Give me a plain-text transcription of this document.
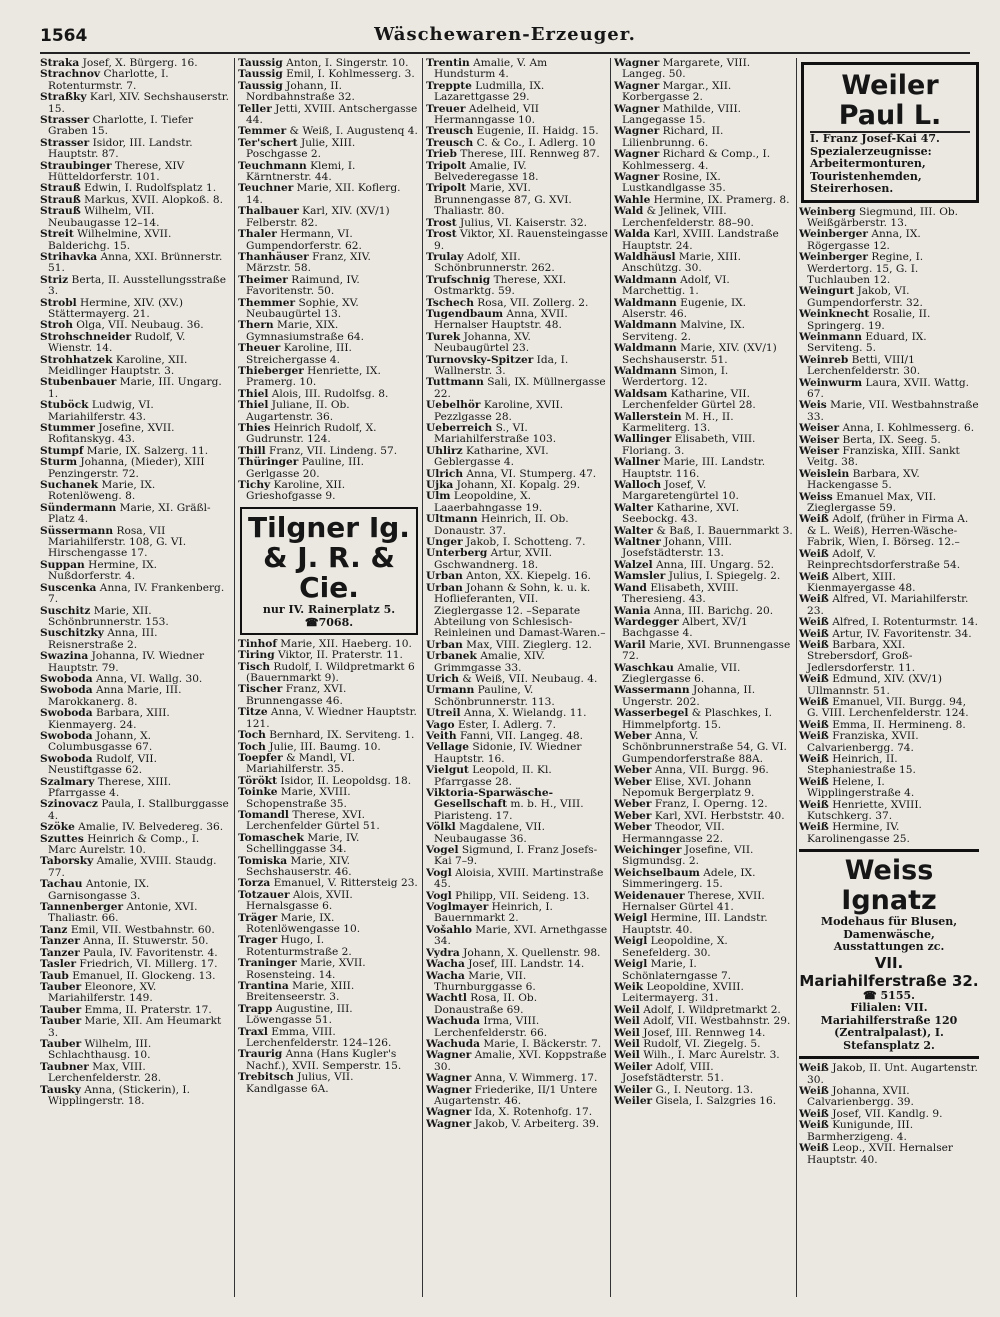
1564	Wäschewaren-Erzeuger.

Straka Josef, X. Bürgerg. 16.

Strachnov Charlotte, I. Rotenturmstr. 7.

Straßky Karl, XIV. Sechshauserstr. 15.

Strasser Charlotte, I. Tiefer Graben 15.

Strasser Isidor, III. Landstr. Hauptstr. 87.

Straubinger Therese, XIV Hütteldorferstr. 101.

Strauß Edwin, I. Rudolfsplatz 1.

Strauß Markus, XVII. Alopkoß. 8.

Strauß Wilhelm, VII. Neubaugasse 12–14.

Streit Wilhelmine, XVII. Balderichg. 15.

Strihavka Anna, XXI. Brünnerstr. 51.

Striz Berta, II. Ausstellungsstraße 3.

Strobl Hermine, XIV. (XV.) Stättermayerg. 21.

Stroh Olga, VII. Neubaug. 36.

Strohschneider Rudolf, V. Wienstr. 14.

Strohhatzek Karoline, XII. Meidlinger Hauptstr. 3.

Stubenbauer Marie, III. Ungarg. 1.

Stuböck Ludwig, VI. Mariahilferstr. 43.

Stummer Josefine, XVII. Rofitanskyg. 43.

Stumpf Marie, IX. Salzerg. 11.

Sturm Johanna, (Mieder), XIII Penzingerstr. 72.

Suchanek Marie, IX. Rotenlöweng. 8.

Sündermann Marie, XI. Gräßl-Platz 4.

Süssermann Rosa, VII Mariahilferstr. 108, G. VI. Hirschengasse 17.

Suppan Hermine, IX. Nußdorferstr. 4.

Suscenka Anna, IV. Frankenberg. 7.

Suschitz Marie, XII. Schönbrunnerstr. 153.

Suschitzky Anna, III. Reisnerstraße 2.

Swazina Johanna, IV. Wiedner Hauptstr. 79.

Swoboda Anna, VI. Wallg. 30.

Swoboda Anna Marie, III. Marokkanerg. 8.

Swoboda Barbara, XIII. Kienmayerg. 24.

Swoboda Johann, X. Columbusgasse 67.

Swoboda Rudolf, VII. Neustiftgasse 62.

Szalmary Therese, XIII. Pfarrgasse 4.

Szinovacz Paula, I. Stallburggasse 4.

Szöke Amalie, IV. Belvedereg. 36.

Szuttes Heinrich & Comp., I. Marc Aurelstr. 10.

Taborsky Amalie, XVIII. Staudg. 77.

Tachau Antonie, IX. Garnisongasse 3.

Tannenberger Antonie, XVI. Thaliastr. 66.

Tanz Emil, VII. Westbahnstr. 60.

Tanzer Anna, II. Stuwerstr. 50.

Tanzer Paula, IV. Favoritenstr. 4.

Tasler Friedrich, VI. Millerg. 17.

Taub Emanuel, II. Glockeng. 13.

Tauber Eleonore, XV. Mariahilferstr. 149.

Tauber Emma, II. Praterstr. 17.

Tauber Marie, XII. Am Heumarkt 3.

Tauber Wilhelm, III. Schlachthausg. 10.

Taubner Max, VIII. Lerchenfelderstr. 28.

Tausky Anna, (Stickerin), I. Wipplingerstr. 18.

Taussig Anton, I. Singerstr. 10.

Taussig Emil, I. Kohlmesserg. 3.

Taussig Johann, II. Nordbahnstraße 32.

Teller Jetti, XVIII. Antschergasse 44.

Temmer & Weiß, I. Augustenq 4.

Ter'schert Julie, XIII. Poschgasse 2.

Teuchmann Klemi, I. Kärntnerstr. 44.

Teuchner Marie, XII. Koflerg. 14.

Thalbauer Karl, XIV. (XV/1) Felberstr. 82.

Thaler Hermann, VI. Gumpendorferstr. 62.

Thanhäuser Franz, XIV. Märzstr. 58.

Theimer Raimund, IV. Favoritenstr. 50.

Themmer Sophie, XV. Neubaugürtel 13.

Thern Marie, XIX. Gymnasiumstraße 64.

Theuer Karoline, III. Streichergasse 4.

Thieberger Henriette, IX. Pramerg. 10.

Thiel Alois, III. Rudolfsg. 8.

Thiel Juliane, II. Ob. Augartenstr. 36.

Thies Heinrich Rudolf, X. Gudrunstr. 124.

Thill Franz, VII. Lindeng. 57.

Thüringer Pauline, III. Gerlgasse 20.

Tichy Karoline, XII. Grieshofgasse 9.

Tilgner Ig.
& J. R. & Cie.
nur IV. Rainerplatz 5. ☎7068.

Tinhof Marie, XII. Haeberg. 10.

Tiring Viktor, II. Praterstr. 11.

Tisch Rudolf, I. Wildpretmarkt 6 (Bauernmarkt 9).

Tischer Franz, XVI. Brunnengasse 46.

Titze Anna, V. Wiedner Hauptstr. 121.

Toch Bernhard, IX. Serviteng. 1.

Toch Julie, III. Baumg. 10.

Toepfer & Mandl, VI. Mariahilferstr. 35.

Törökt Isidor, II. Leopoldsg. 18.

Toinke Marie, XVIII. Schopenstraße 35.

Tomandl Therese, XVI. Lerchenfelder Gürtel 51.

Tomaschek Marie, IV. Schellinggasse 34.

Tomiska Marie, XIV. Sechshauserstr. 46.

Torza Emanuel, V. Rittersteig 23.

Totzauer Alois, XVII. Hernalsgasse 6.

Träger Marie, IX. Rotenlöwengasse 10.

Trager Hugo, I. Rotenturmstraße 2.

Traninger Marie, XVII. Rosensteing. 14.

Trantina Marie, XIII. Breitenseerstr. 3.

Trapp Augustine, III. Löwengasse 51.

Traxl Emma, VIII. Lerchenfelderstr. 124–126.

Traurig Anna (Hans Kugler's Nachf.), XVII. Semperstr. 15.

Trebitsch Julius, VII. Kandlgasse 6A.

Trentin Amalie, V. Am Hundsturm 4.

Treppte Ludmilla, IX. Lazarettgasse 29.

Treuer Adelheid, VII Hermanngasse 10.

Treusch Eugenie, II. Haidg. 15.

Treusch C. & Co., I. Adlerg. 10

Trieb Therese, III. Rennweg 87.

Tripolt Amalie, IV. Belvederegasse 18.

Tripolt Marie, XVI. Brunnengasse 87, G. XVI. Thaliastr. 80.

Trost Julius, VI. Kaiserstr. 32.

Trost Viktor, XI. Rauensteingasse 9.

Trulay Adolf, XII. Schönbrunnerstr. 262.

Trufschnig Therese, XXI. Ostmarktg. 59.

Tschech Rosa, VII. Zollerg. 2.

Tugendbaum Anna, XVII. Hernalser Hauptstr. 48.

Turek Johanna, XV. Neubaugürtel 23.

Turnovsky-Spitzer Ida, I. Wallnerstr. 3.

Tuttmann Sali, IX. Müllnergasse 22.

Uebelhör Karoline, XVII. Pezzlgasse 28.

Ueberreich S., VI. Mariahilferstraße 103.

Uhlirz Katharine, XVI. Geblergasse 4.

Ulrich Anna, VI. Stumperg. 47.

Ujka Johann, XI. Kopalg. 29.

Ulm Leopoldine, X. Laaerbahngasse 19.

Ultmann Heinrich, II. Ob. Donaustr. 37.

Unger Jakob, I. Schotteng. 7.

Unterberg Artur, XVII. Gschwandnerg. 18.

Urban Anton, XX. Kiepelg. 16.

Urban Johann & Sohn, k. u. k. Hoflieferanten, VII. Zieglergasse 12. –Separate Abteilung von Schlesisch-Reinleinen und Damast-Waren.–

Urban Max, VIII. Zieglerg. 12.

Urbanek Amalie, XIV. Grimmgasse 33.

Urich & Weiß, VII. Neubaug. 4.

Urmann Pauline, V. Schönbrunnerstr. 113.

Utreil Anna, X. Wielandg. 11.

Vago Ester, I. Adlerg. 7.

Veith Fanni, VII. Langeg. 48.

Vellage Sidonie, IV. Wiedner Hauptstr. 16.

Vielgut Leopold, II. Kl. Pfarrgasse 28.

Viktoria-Sparwäsche-Gesellschaft m. b. H., VIII. Piaristeng. 17.

Völkl Magdalene, VII. Neubaugasse 36.

Vogel Sigmund, I. Franz Josefs-Kai 7–9.

Vogl Aloisia, XVIII. Martinstraße 45.

Vogl Philipp, VII. Seideng. 13.

Voglmayer Heinrich, I. Bauernmarkt 2.

Vošahlo Marie, XVI. Arnethgasse 34.

Vydra Johann, X. Quellenstr. 98.

Wacha Josef, III. Landstr. 14.

Wacha Marie, VII. Thurnburggasse 6.

Wachtl Rosa, II. Ob. Donaustraße 69.

Wachuda Irma, VIII. Lerchenfelderstr. 66.

Wachuda Marie, I. Bäckerstr. 7.

Wagner Amalie, XVI. Koppstraße 30.

Wagner Anna, V. Wimmerg. 17.

Wagner Friederike, II/1 Untere Augartenstr. 46.

Wagner Ida, X. Rotenhofg. 17.

Wagner Jakob, V. Arbeiterg. 39.

Wagner Margarete, VIII. Langeg. 50.

Wagner Margar., XII. Korbergasse 2.

Wagner Mathilde, VIII. Langegasse 15.

Wagner Richard, II. Lilienbrunng. 6.

Wagner Richard & Comp., I. Kohlmesserg. 4.

Wagner Rosine, IX. Lustkandlgasse 35.

Wahle Hermine, IX. Pramerg. 8.

Wald & Jelinek, VIII. Lerchenfelderstr. 88–90.

Walda Karl, XVIII. Landstraße Hauptstr. 24.

Waldhäusl Marie, XIII. Anschützg. 30.

Waldmann Adolf, VI. Marchettig. 1.

Waldmann Eugenie, IX. Alserstr. 46.

Waldmann Malvine, IX. Serviteng. 2.

Waldmann Marie, XIV. (XV/1) Sechshauserstr. 51.

Waldmann Simon, I. Werdertorg. 12.

Waldsam Katharine, VII. Lerchenfelder Gürtel 28.

Wallerstein M. H., II. Karmeliterg. 13.

Wallinger Elisabeth, VIII. Floriang. 3.

Wallner Marie, III. Landstr. Hauptstr. 116.

Walloch Josef, V. Margaretengürtel 10.

Walter Katharine, XVI. Seebockg. 43.

Walter & Baß, I. Bauernmarkt 3.

Waltner Johann, VIII. Josefstädterstr. 13.

Walzel Anna, III. Ungarg. 52.

Wamsler Julius, I. Spiegelg. 2.

Wand Elisabeth, XVIII. Theresieng. 43.

Wania Anna, III. Barichg. 20.

Wardegger Albert, XV/1 Bachgasse 4.

Waril Marie, XVI. Brunnengasse 72.

Waschkau Amalie, VII. Zieglergasse 6.

Wassermann Johanna, II. Ungerstr. 202.

Wasserbegel & Plaschkes, I. Himmelpfortg. 15.

Weber Anna, V. Schönbrunnerstraße 54, G. VI. Gumpendorferstraße 88A.

Weber Anna, VII. Burgg. 96.

Weber Elise, XVI. Johann Nepomuk Bergerplatz 9.

Weber Franz, I. Operng. 12.

Weber Karl, XVI. Herbststr. 40.

Weber Theodor, VII. Hermanngasse 22.

Weichinger Josefine, VII. Sigmundsg. 2.

Weichselbaum Adele, IX. Simmeringerg. 15.

Weidenauer Therese, XVII. Hernalser Gürtel 41.

Weigl Hermine, III. Landstr. Hauptstr. 40.

Weigl Leopoldine, X. Senefelderg. 30.

Weigl Marie, I. Schönlaterngasse 7.

Weik Leopoldine, XVIII. Leitermayerg. 31.

Weil Adolf, I. Wildpretmarkt 2.

Weil Adolf, VII. Westbahnstr. 29.

Weil Josef, III. Rennweg 14.

Weil Rudolf, VI. Ziegelg. 5.

Weil Wilh., I. Marc Aurelstr. 3.

Weiler Adolf, VIII. Josefstädterstr. 51.

Weiler G., I. Neutorg. 13.

Weiler Gisela, I. Salzgries 16.

Weiler Paul L.
I. Franz Josef-Kai 47. Spezialerzeugnisse: Arbeitermonturen, Touristenhemden, Steirerhosen.

Weinberg Siegmund, III. Ob. Weißgärberstr. 13.

Weinberger Anna, IX. Rögergasse 12.

Weinberger Regine, I. Werdertorg. 15, G. I. Tuchlauben 12.

Weingurt Jakob, VI. Gumpendorferstr. 32.

Weinknecht Rosalie, II. Springerg. 19.

Weinmann Eduard, IX. Serviteng. 5.

Weinreb Betti, VIII/1 Lerchenfelderstr. 30.

Weinwurm Laura, XVII. Wattg. 67.

Weis Marie, VII. Westbahnstraße 33.

Weiser Anna, I. Kohlmesserg. 6.

Weiser Berta, IX. Seeg. 5.

Weiser Franziska, XIII. Sankt Veitg. 38.

Weislein Barbara, XV. Hackengasse 5.

Weiss Emanuel Max, VII. Zieglergasse 59.

Weiß Adolf, (früher in Firma A. & L. Weiß), Herren-Wäsche-Fabrik, Wien, I. Börseg. 12.–

Weiß Adolf, V. Reinprechtsdorferstraße 54.

Weiß Albert, XIII. Kienmayergasse 48.

Weiß Alfred, VI. Mariahilferstr. 23.

Weiß Alfred, I. Rotenturmstr. 14.

Weiß Artur, IV. Favoritenstr. 34.

Weiß Barbara, XXI. Strebersdorf, Groß-Jedlersdorferstr. 11.

Weiß Edmund, XIV. (XV/1) Ullmannstr. 51.

Weiß Emanuel, VII. Burgg. 94, G. VIII. Lerchenfelderstr. 124.

Weiß Emma, II. Hermineng. 8.

Weiß Franziska, XVII. Calvarienbergg. 74.

Weiß Heinrich, II. Stephaniestraße 15.

Weiß Helene, I. Wipplingerstraße 4.

Weiß Henriette, XVIII. Kutschkerg. 37.

Weiß Hermine, IV. Karolinengasse 25.

Weiss Ignatz
Modehaus für Blusen, Damenwäsche, Ausstattungen zc.
VII. Mariahilferstraße 32.
☎ 5155.
Filialen: VII. Mariahilferstraße 120 (Zentralpalast), I. Stefansplatz 2.

Weiß Jakob, II. Unt. Augartenstr. 30.

Weiß Johanna, XVII. Calvarienbergg. 39.

Weiß Josef, VII. Kandlg. 9.

Weiß Kunigunde, III. Barmherzigeng. 4.

Weiß Leop., XVII. Hernalser Hauptstr. 40.
